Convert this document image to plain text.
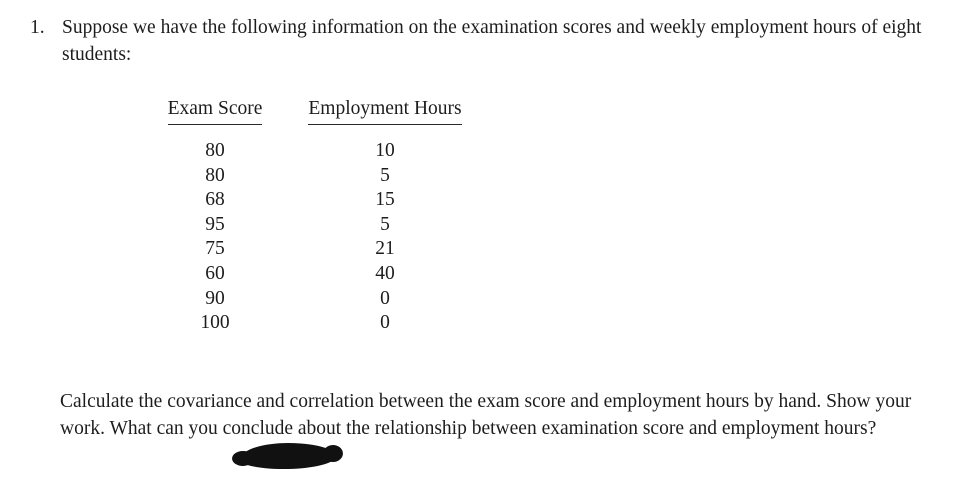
1. Suppose we have the following information on the examination scores and weekly employment hours of eight students:
Exam Score	Employment Hours

80	10
80	5
68	15
95	5
75	21
60	40
90	0
100	0
Calculate the covariance and correlation between the exam score and employment hours by hand. Show your work. What can you conclude about the relationship between examination score and employment hours?
